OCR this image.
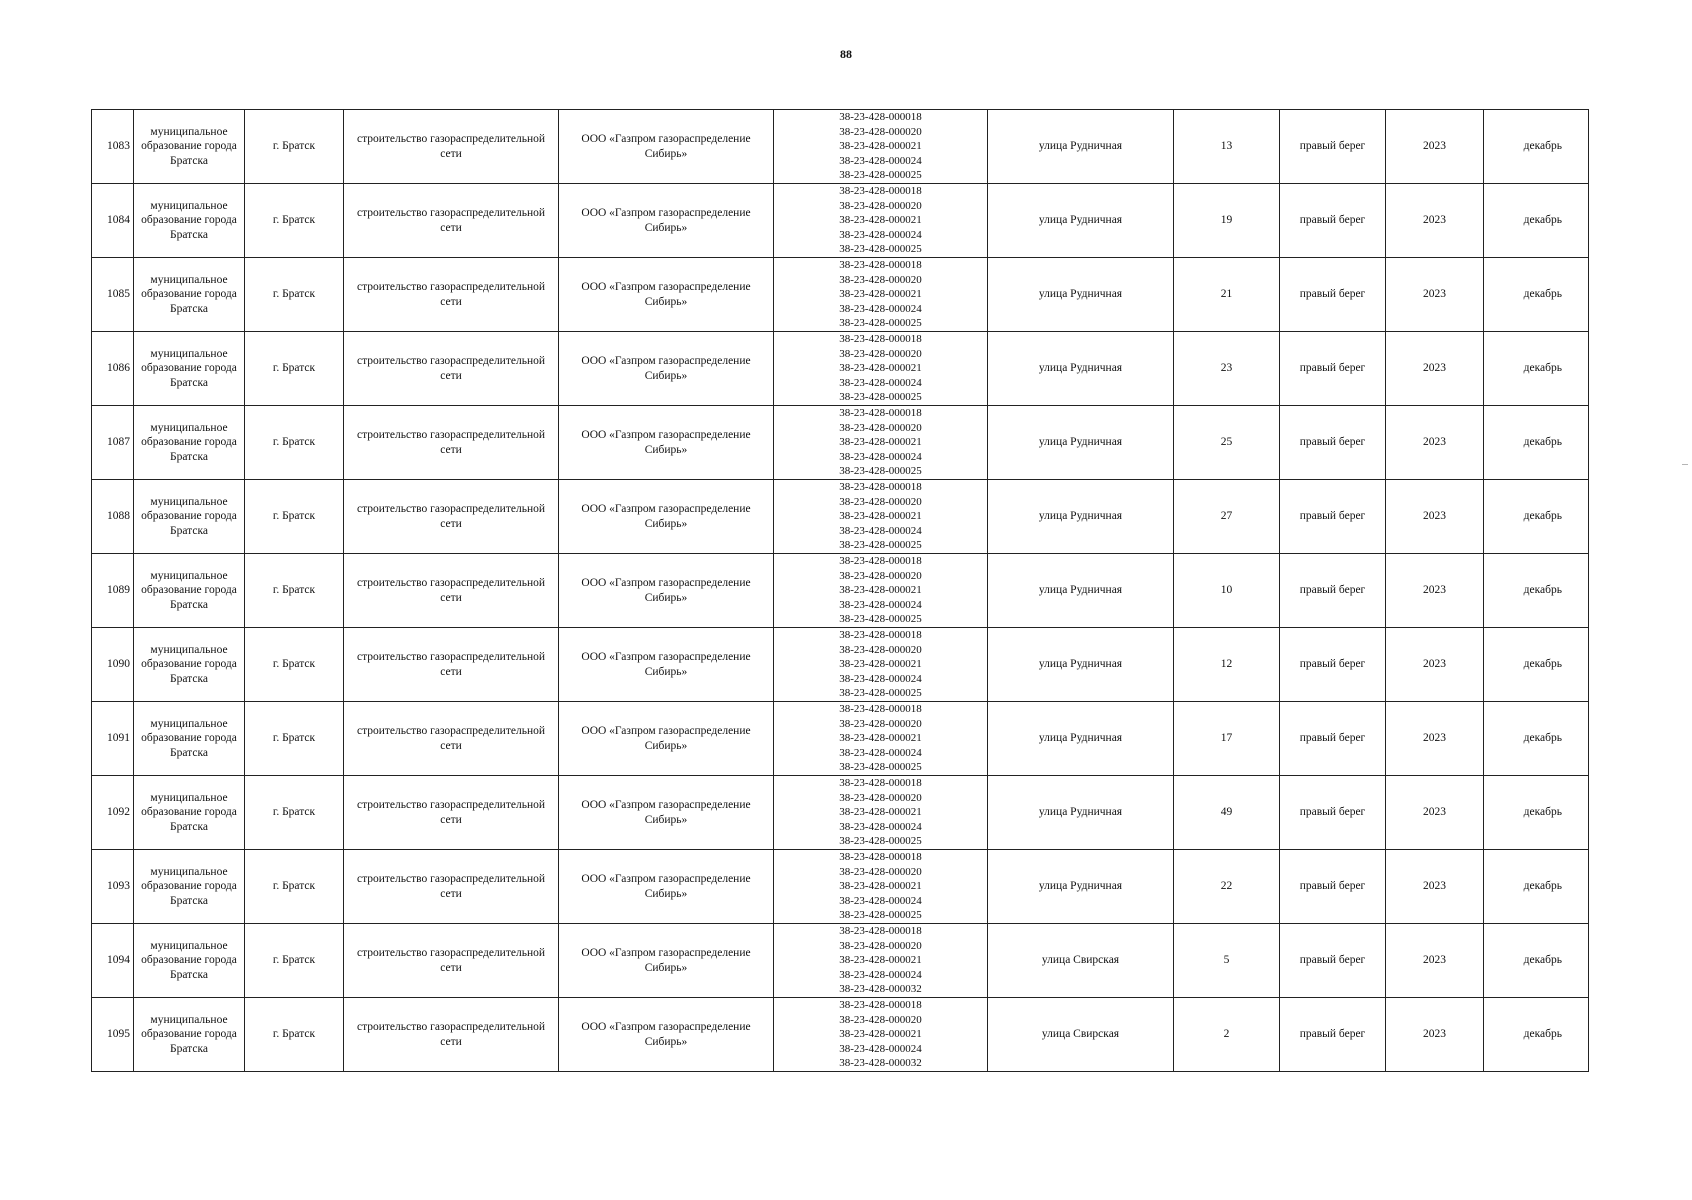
88
1083	муниципальное образование города Братска	г. Братск	строительство газораспределительной сети	ООО «Газпром газораспределение Сибирь»	38-23-428-000018
38-23-428-000020
38-23-428-000021
38-23-428-000024
38-23-428-000025	улица Рудничная	13	правый берег	2023	декабрь
1084	муниципальное образование города Братска	г. Братск	строительство газораспределительной сети	ООО «Газпром газораспределение Сибирь»	38-23-428-000018
38-23-428-000020
38-23-428-000021
38-23-428-000024
38-23-428-000025	улица Рудничная	19	правый берег	2023	декабрь
1085	муниципальное образование города Братска	г. Братск	строительство газораспределительной сети	ООО «Газпром газораспределение Сибирь»	38-23-428-000018
38-23-428-000020
38-23-428-000021
38-23-428-000024
38-23-428-000025	улица Рудничная	21	правый берег	2023	декабрь
1086	муниципальное образование города Братска	г. Братск	строительство газораспределительной сети	ООО «Газпром газораспределение Сибирь»	38-23-428-000018
38-23-428-000020
38-23-428-000021
38-23-428-000024
38-23-428-000025	улица Рудничная	23	правый берег	2023	декабрь
1087	муниципальное образование города Братска	г. Братск	строительство газораспределительной сети	ООО «Газпром газораспределение Сибирь»	38-23-428-000018
38-23-428-000020
38-23-428-000021
38-23-428-000024
38-23-428-000025	улица Рудничная	25	правый берег	2023	декабрь
1088	муниципальное образование города Братска	г. Братск	строительство газораспределительной сети	ООО «Газпром газораспределение Сибирь»	38-23-428-000018
38-23-428-000020
38-23-428-000021
38-23-428-000024
38-23-428-000025	улица Рудничная	27	правый берег	2023	декабрь
1089	муниципальное образование города Братска	г. Братск	строительство газораспределительной сети	ООО «Газпром газораспределение Сибирь»	38-23-428-000018
38-23-428-000020
38-23-428-000021
38-23-428-000024
38-23-428-000025	улица Рудничная	10	правый берег	2023	декабрь
1090	муниципальное образование города Братска	г. Братск	строительство газораспределительной сети	ООО «Газпром газораспределение Сибирь»	38-23-428-000018
38-23-428-000020
38-23-428-000021
38-23-428-000024
38-23-428-000025	улица Рудничная	12	правый берег	2023	декабрь
1091	муниципальное образование города Братска	г. Братск	строительство газораспределительной сети	ООО «Газпром газораспределение Сибирь»	38-23-428-000018
38-23-428-000020
38-23-428-000021
38-23-428-000024
38-23-428-000025	улица Рудничная	17	правый берег	2023	декабрь
1092	муниципальное образование города Братска	г. Братск	строительство газораспределительной сети	ООО «Газпром газораспределение Сибирь»	38-23-428-000018
38-23-428-000020
38-23-428-000021
38-23-428-000024
38-23-428-000025	улица Рудничная	49	правый берег	2023	декабрь
1093	муниципальное образование города Братска	г. Братск	строительство газораспределительной сети	ООО «Газпром газораспределение Сибирь»	38-23-428-000018
38-23-428-000020
38-23-428-000021
38-23-428-000024
38-23-428-000025	улица Рудничная	22	правый берег	2023	декабрь
1094	муниципальное образование города Братска	г. Братск	строительство газораспределительной сети	ООО «Газпром газораспределение Сибирь»	38-23-428-000018
38-23-428-000020
38-23-428-000021
38-23-428-000024
38-23-428-000032	улица Свирская	5	правый берег	2023	декабрь
1095	муниципальное образование города Братска	г. Братск	строительство газораспределительной сети	ООО «Газпром газораспределение Сибирь»	38-23-428-000018
38-23-428-000020
38-23-428-000021
38-23-428-000024
38-23-428-000032	улица Свирская	2	правый берег	2023	декабрь
